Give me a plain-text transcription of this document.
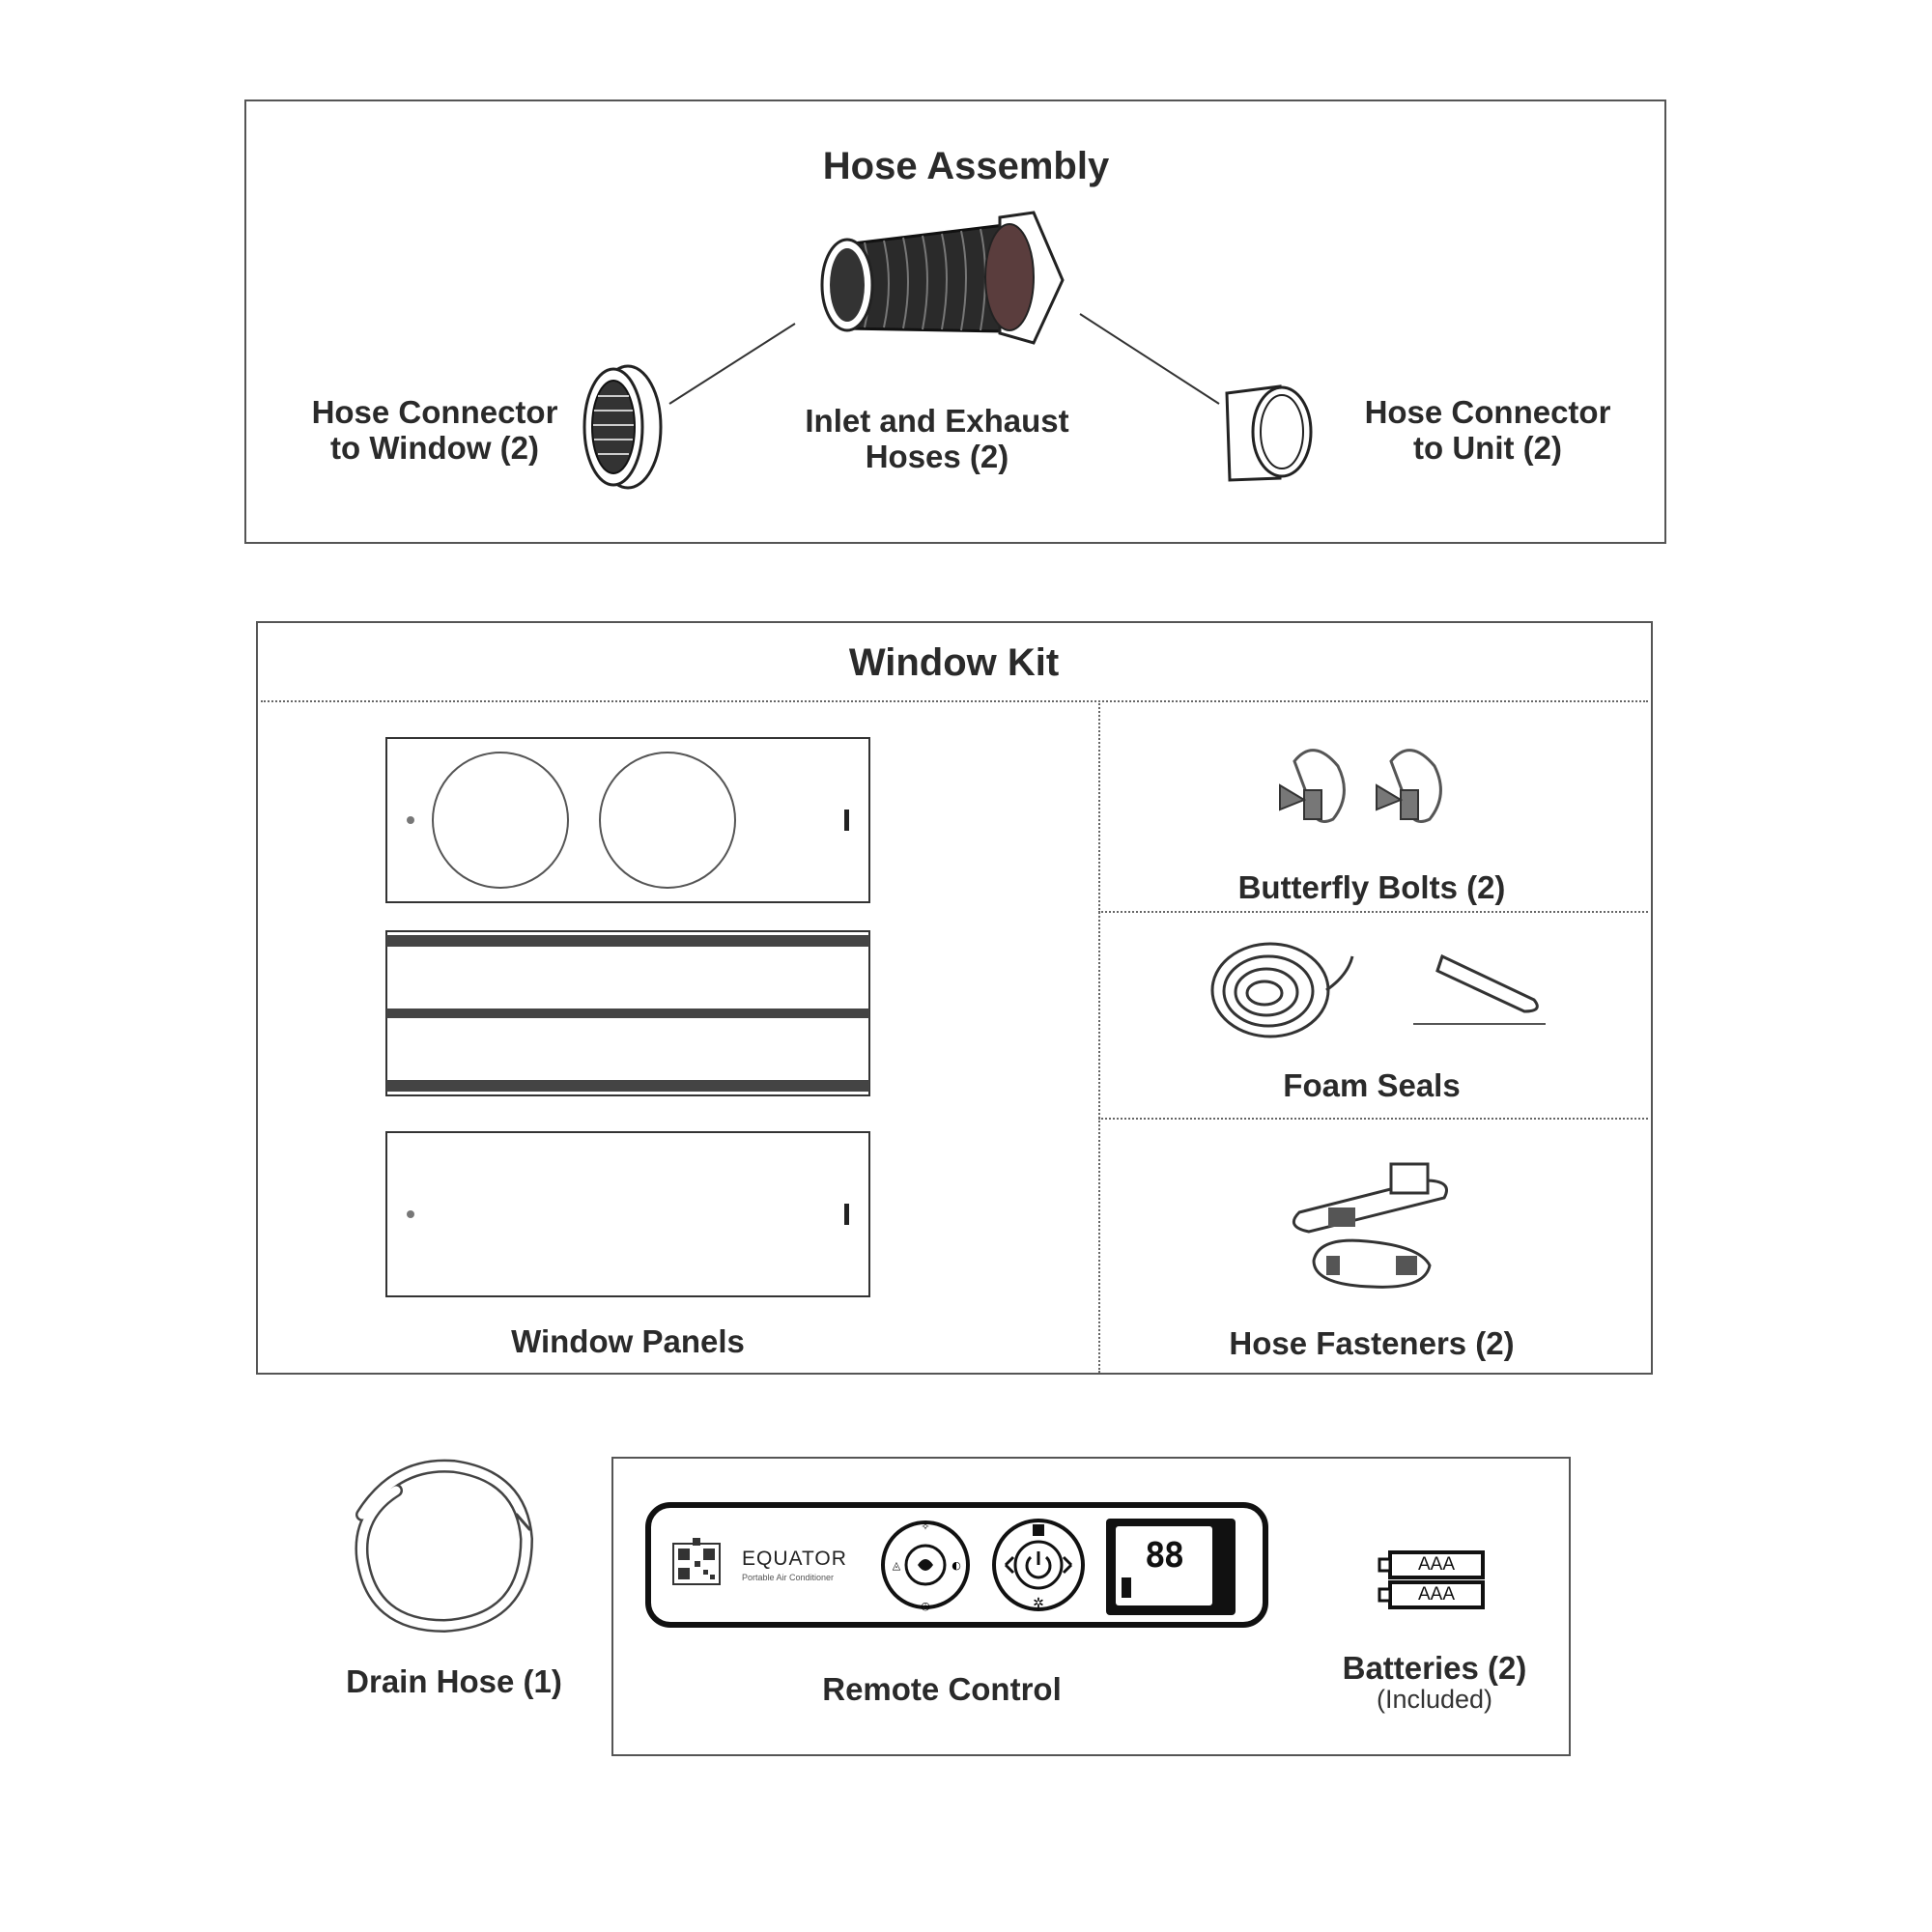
Hose Assembly
Hose Connector
to Window (2)
Inlet and Exhaust
Hoses (2)
Hose Connector
to Unit (2)
Window Kit
Window Panels
Butterfly Bolts (2)
Foam Seals
Hose Fasteners (2)
Drain Hose (1)
EQUATOR
Portable Air Conditioner
✧
◷
◬	◐
✲
88
Remote Control
AAA
AAA
Batteries (2)
(Included)
